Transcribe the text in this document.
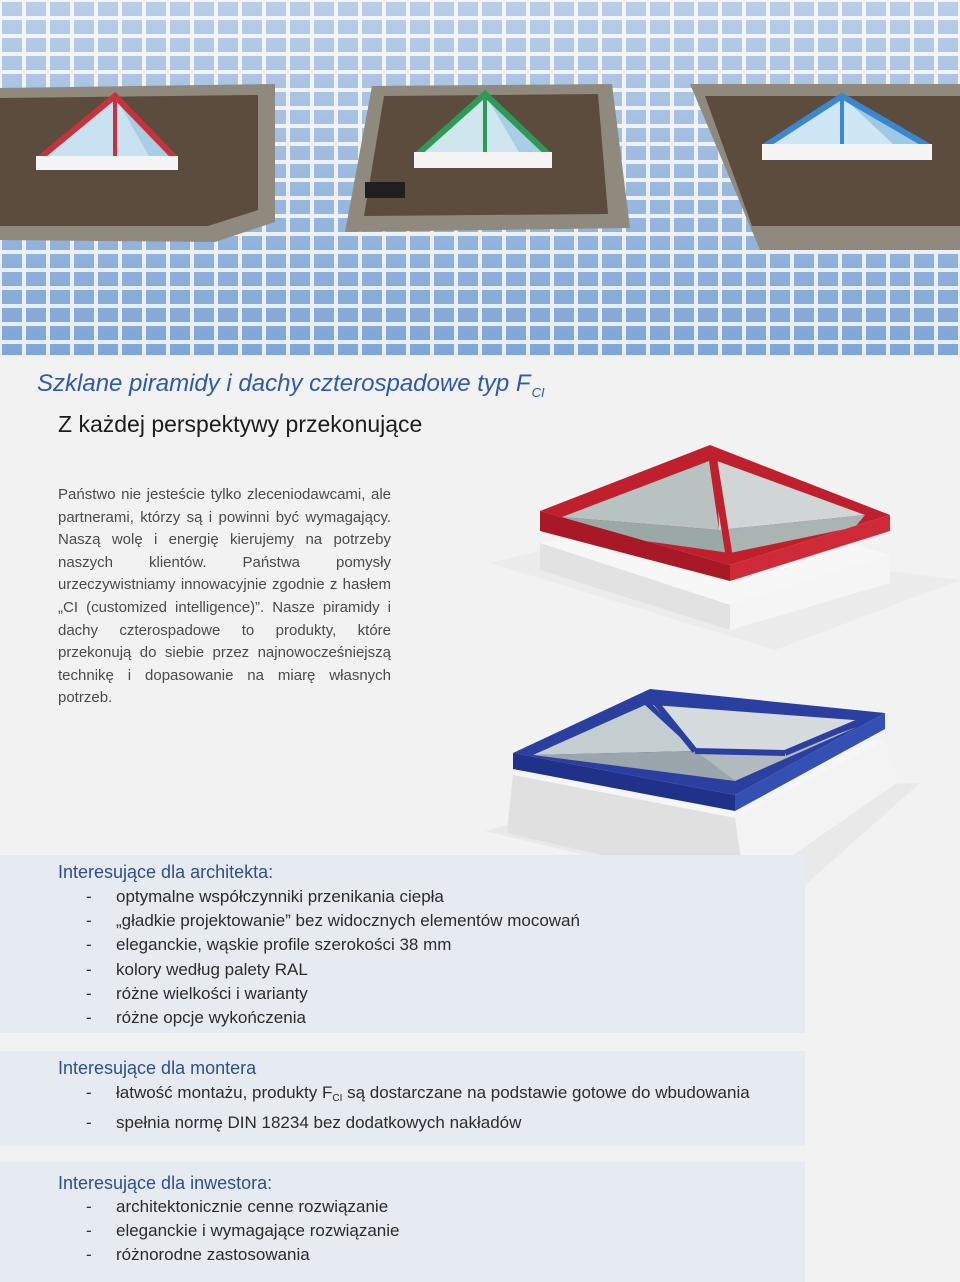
Szklane piramidy i dachy czterospadowe typ $F_{CI}$
Z każdej perspektywy przekonujące

Państwo nie jesteście tylko zleceniodawcami, ale partnerami, którzy są i powinni być wymagający. Naszą wolę i energię kierujemy na potrzeby naszych klientów. Państwa pomysły urzeczywistniamy innowacyjnie zgodnie z hasłem „CI (customized intelligence)”. Nasze piramidy i dachy czterospadowe to produkty, które przekonują do siebie przez najnowocześniejszą technikę i dopasowanie na miarę własnych potrzeb.

Interesujące dla architekta:
- optymalne współczynniki przenikania ciepła
- „gładkie projektowanie” bez widocznych elementów mocowań
- eleganckie, wąskie profile szerokości 38 mm
- kolory według palety RAL
- różne wielkości i warianty
- różne opcje wykończenia
Interesujące dla montera
- łatwość montażu, produkty $F_{CI}$ są dostarczane na podstawie gotowe do wbudowania
- spełnia normę DIN 18234 bez dodatkowych nakładów
Interesujące dla inwestora:
- architektonicznie cenne rozwiązanie
- eleganckie i wymagające rozwiązanie
- różnorodne zastosowania
